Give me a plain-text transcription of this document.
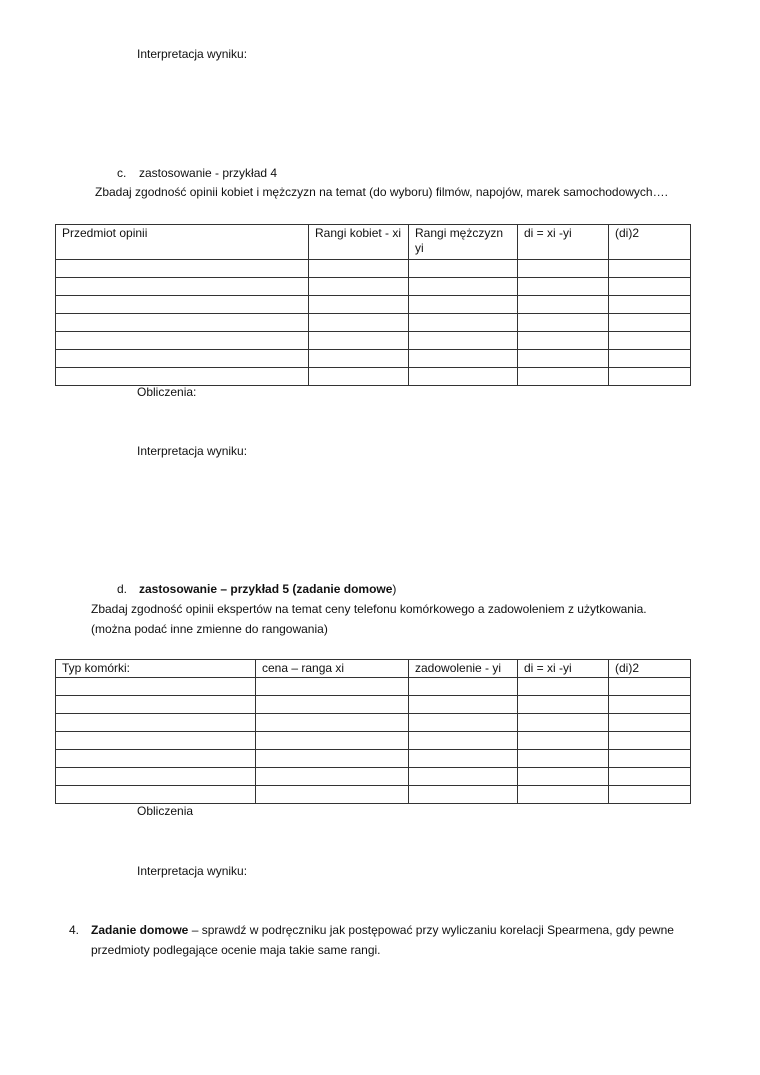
Interpretacja wyniku:
c. zastosowanie - przykład 4
Zbadaj zgodność opinii kobiet i mężczyzn na temat (do wyboru) filmów, napojów, marek samochodowych….
Przedmiot opinii	Rangi kobiet - xi	Rangi mężczyzn yi	di = xi -yi	(di)2

Obliczenia:
Interpretacja wyniku:
d. zastosowanie – przykład 5 (zadanie domowe)
Zbadaj zgodność opinii ekspertów na temat ceny telefonu komórkowego a zadowoleniem z użytkowania.
(można podać inne zmienne do rangowania)
Typ komórki:	cena – ranga xi	zadowolenie - yi	di = xi -yi	(di)2

Obliczenia
Interpretacja wyniku:
4. Zadanie domowe – sprawdź w podręczniku jak postępować przy wyliczaniu korelacji Spearmena, gdy pewne
przedmioty podlegające ocenie maja takie same rangi.
